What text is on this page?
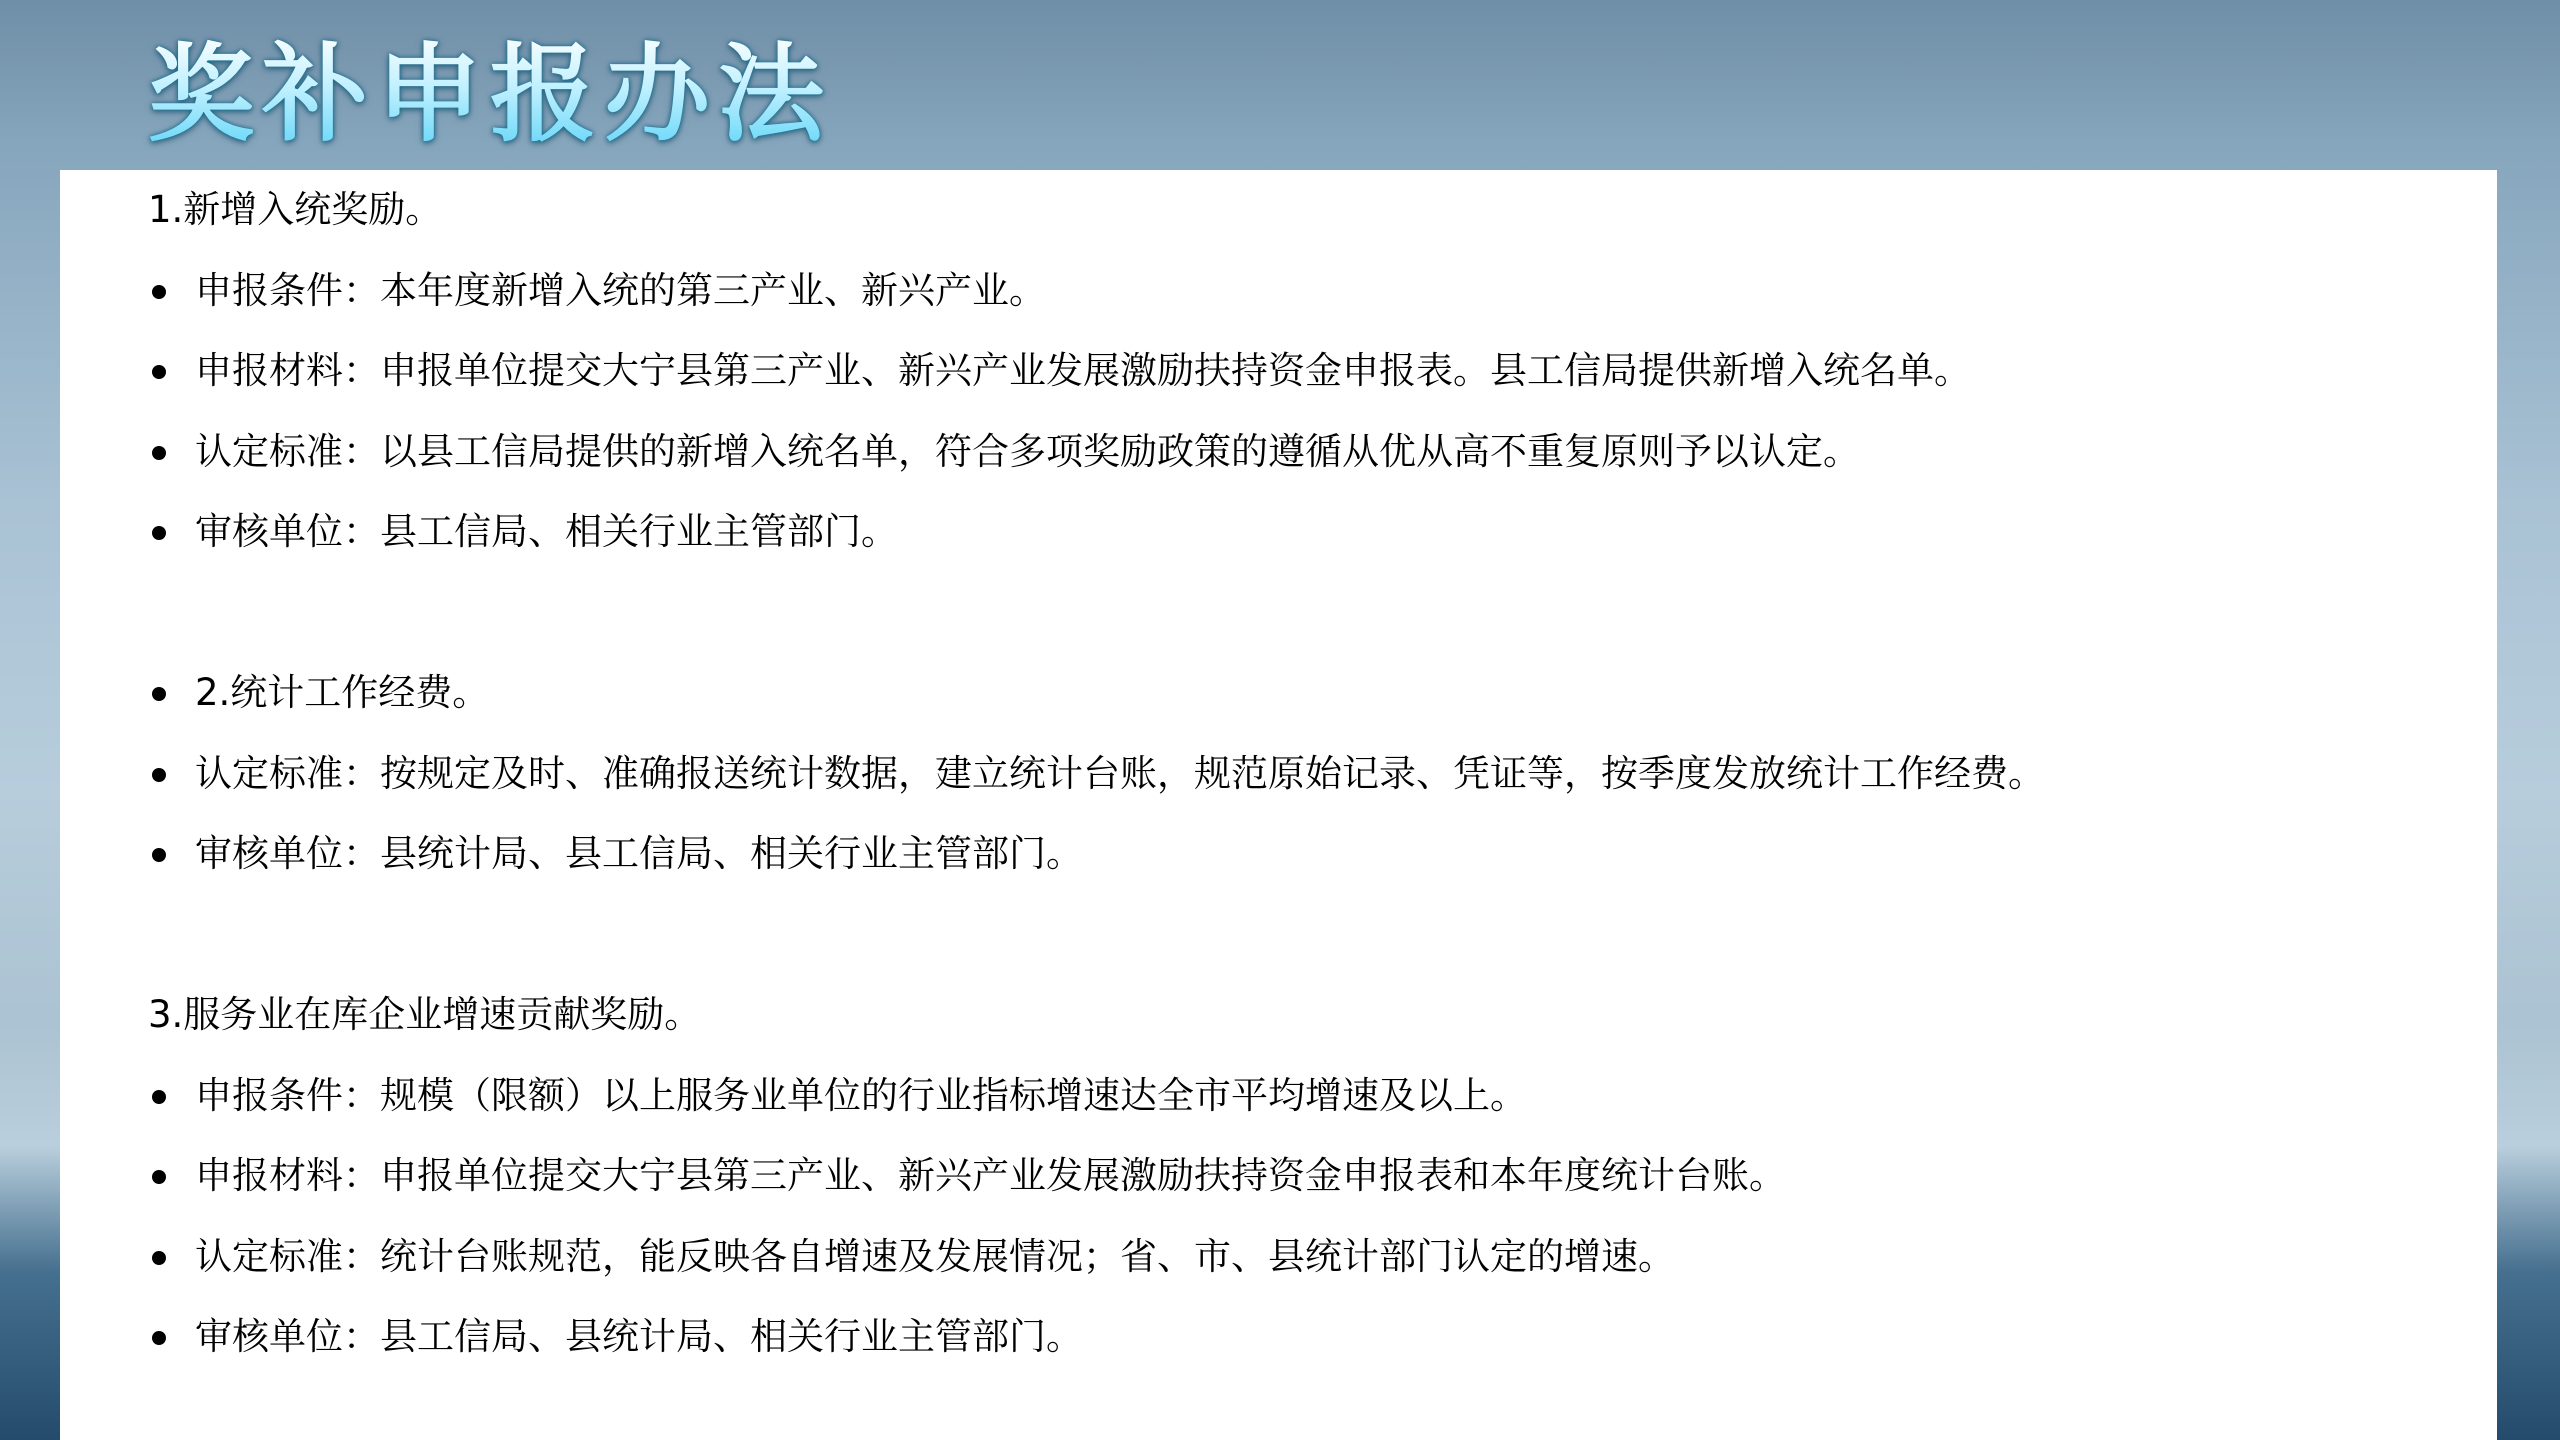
奖补申报办法
1.新增入统奖励。
申报条件：本年度新增入统的第三产业、新兴产业。
申报材料：申报单位提交大宁县第三产业、新兴产业发展激励扶持资金申报表。县工信局提供新增入统名单。
认定标准：以县工信局提供的新增入统名单，符合多项奖励政策的遵循从优从高不重复原则予以认定。
审核单位：县工信局、相关行业主管部门。
2.统计工作经费。
认定标准：按规定及时、准确报送统计数据，建立统计台账，规范原始记录、凭证等，按季度发放统计工作经费。
审核单位：县统计局、县工信局、相关行业主管部门。
3.服务业在库企业增速贡献奖励。
申报条件：规模（限额）以上服务业单位的行业指标增速达全市平均增速及以上。
申报材料：申报单位提交大宁县第三产业、新兴产业发展激励扶持资金申报表和本年度统计台账。
认定标准：统计台账规范，能反映各自增速及发展情况；省、市、县统计部门认定的增速。
审核单位：县工信局、县统计局、相关行业主管部门。
